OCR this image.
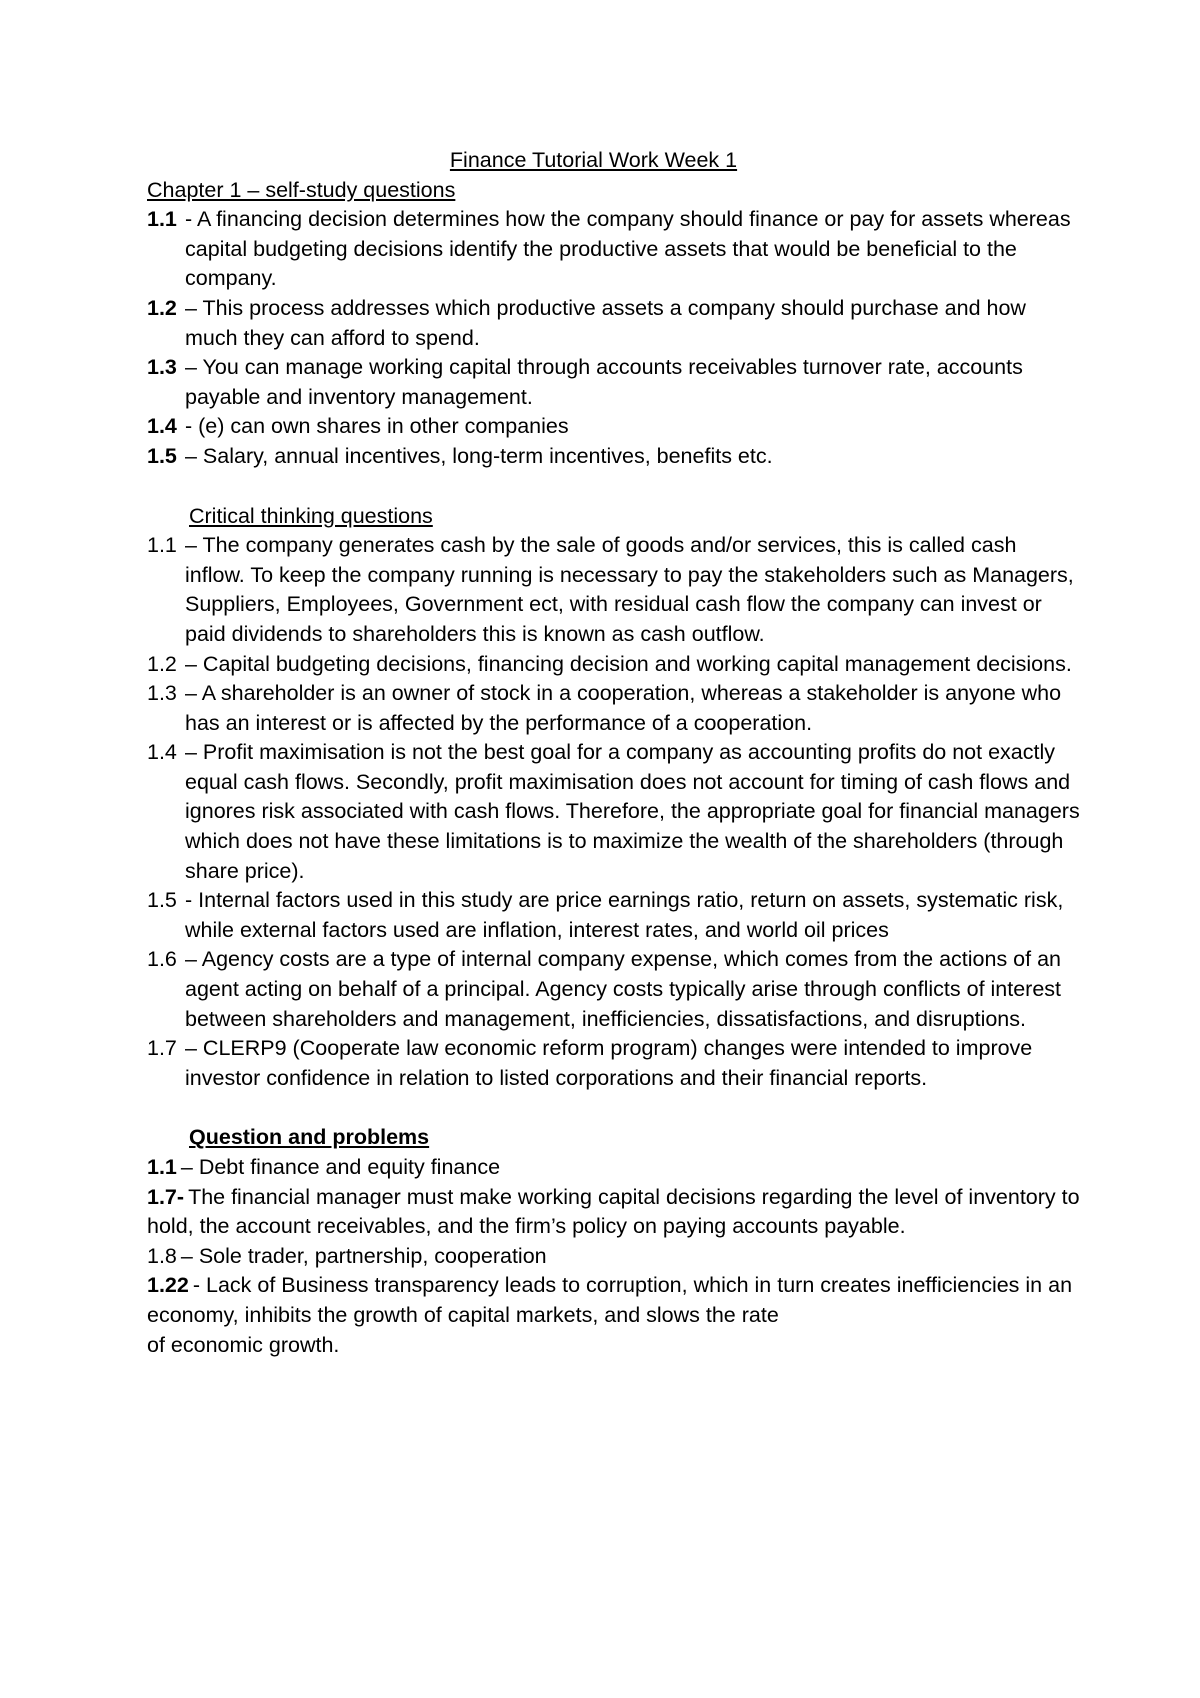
Finance Tutorial Work Week 1
Chapter 1 – self-study questions
1.1 - A financing decision determines how the company should finance or pay for assets whereas capital budgeting decisions identify the productive assets that would be beneficial to the company.
1.2 – This process addresses which productive assets a company should purchase and how much they can afford to spend.
1.3 – You can manage working capital through accounts receivables turnover rate, accounts payable and inventory management.
1.4 - (e) can own shares in other companies
1.5 – Salary, annual incentives, long-term incentives, benefits etc.
Critical thinking questions
1.1 – The company generates cash by the sale of goods and/or services, this is called cash inflow. To keep the company running is necessary to pay the stakeholders such as Managers, Suppliers, Employees, Government ect, with residual cash flow the company can invest or paid dividends to shareholders this is known as cash outflow.
1.2 – Capital budgeting decisions, financing decision and working capital management decisions.
1.3 – A shareholder is an owner of stock in a cooperation, whereas a stakeholder is anyone who has an interest or is affected by the performance of a cooperation.
1.4 – Profit maximisation is not the best goal for a company as accounting profits do not exactly equal cash flows. Secondly, profit maximisation does not account for timing of cash flows and ignores risk associated with cash flows. Therefore, the appropriate goal for financial managers which does not have these limitations is to maximize the wealth of the shareholders (through share price).
1.5 - Internal factors used in this study are price earnings ratio, return on assets, systematic risk, while external factors used are inflation, interest rates, and world oil prices
1.6 – Agency costs are a type of internal company expense, which comes from the actions of an agent acting on behalf of a principal. Agency costs typically arise through conflicts of interest between shareholders and management, inefficiencies, dissatisfactions, and disruptions.
1.7 – CLERP9 (Cooperate law economic reform program) changes were intended to improve investor confidence in relation to listed corporations and their financial reports.
Question and problems
1.1 – Debt finance and equity finance
1.7- The financial manager must make working capital decisions regarding the level of inventory to hold, the account receivables, and the firm’s policy on paying accounts payable.
1.8 – Sole trader, partnership, cooperation
1.22 - Lack of Business transparency leads to corruption, which in turn creates inefficiencies in an economy, inhibits the growth of capital markets, and slows the rate
of economic growth.
